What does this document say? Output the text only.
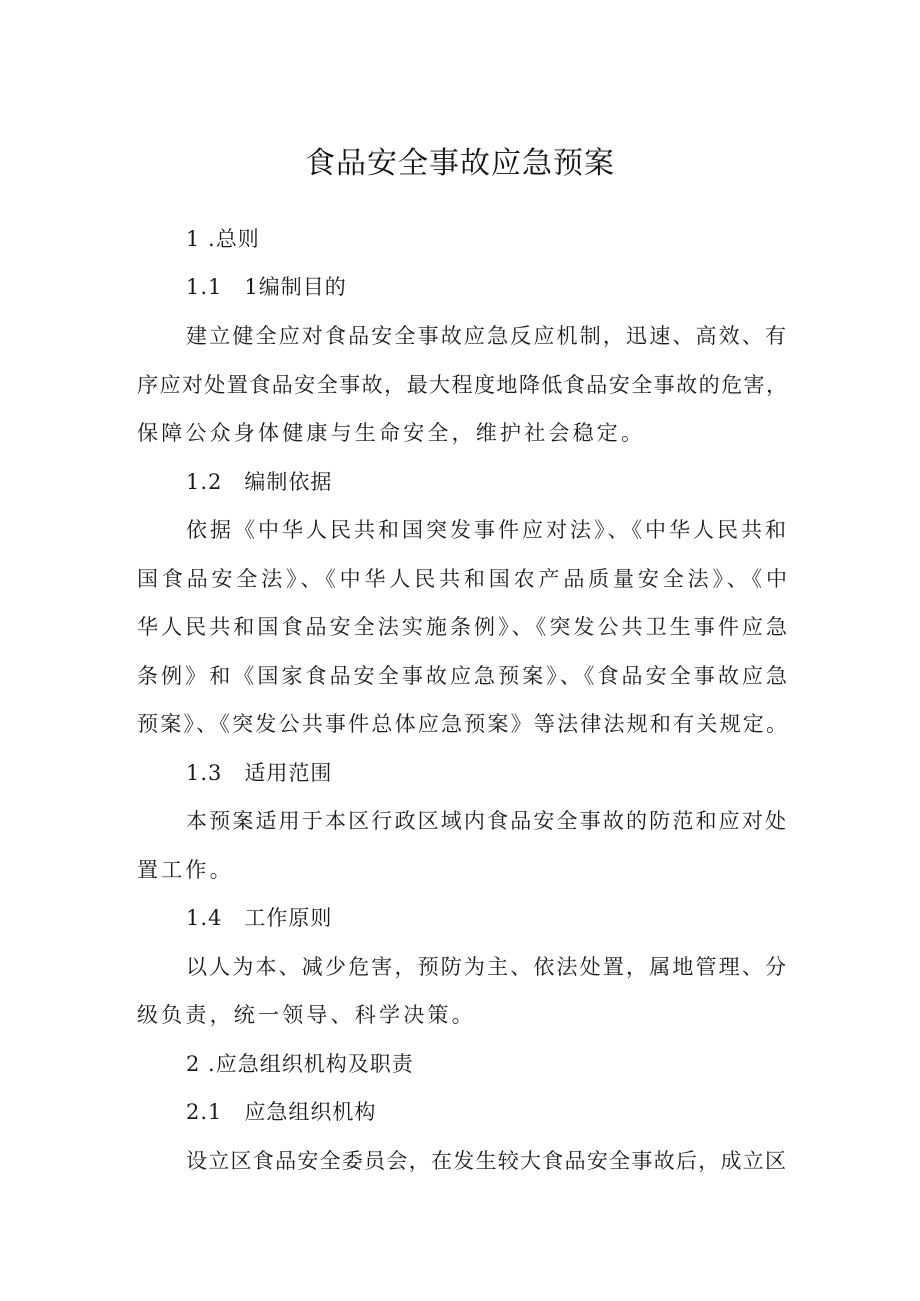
食品安全事故应急预案
1 .总则
1.1　1编制目的
建立健全应对食品安全事故应急反应机制，迅速、高效、有
序应对处置食品安全事故，最大程度地降低食品安全事故的危害，
保障公众身体健康与生命安全，维护社会稳定。
1.2　编制依据
依据《中华人民共和国突发事件应对法》、《中华人民共和
国食品安全法》、《中华人民共和国农产品质量安全法》、《中
华人民共和国食品安全法实施条例》、《突发公共卫生事件应急
条例》和《国家食品安全事故应急预案》、《食品安全事故应急
预案》、《突发公共事件总体应急预案》等法律法规和有关规定。
1.3　适用范围
本预案适用于本区行政区域内食品安全事故的防范和应对处
置工作。
1.4　工作原则
以人为本、减少危害，预防为主、依法处置，属地管理、分
级负责，统一领导、科学决策。
2 .应急组织机构及职责
2.1　应急组织机构
设立区食品安全委员会，在发生较大食品安全事故后，成立区
